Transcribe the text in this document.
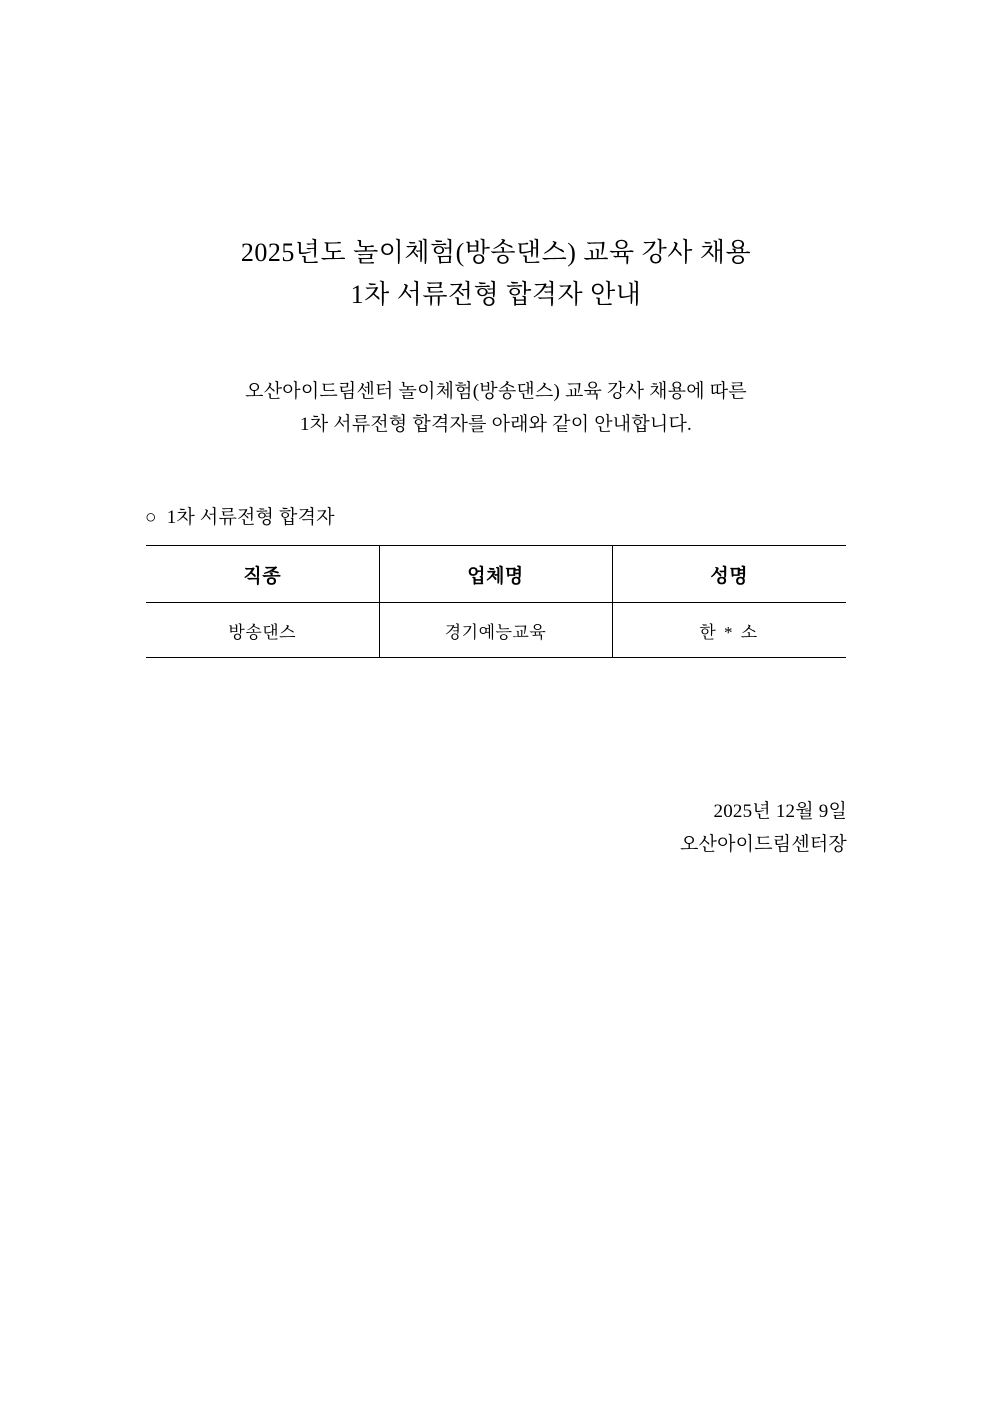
2025년도 놀이체험(방송댄스) 교육 강사 채용
1차 서류전형 합격자 안내
오산아이드림센터 놀이체험(방송댄스) 교육 강사 채용에 따른
1차 서류전형 합격자를 아래와 같이 안내합니다.
○ 1차 서류전형 합격자
직종	업체명	성명
방송댄스	경기예능교육	한 * 소
2025년 12월 9일
오산아이드림센터장
